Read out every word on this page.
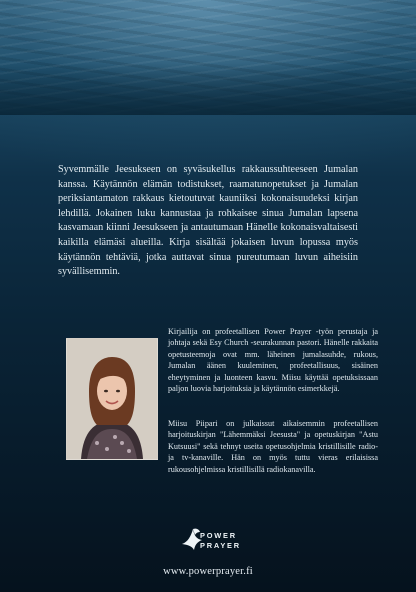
Syvemmälle Jeesukseen on syväsukellus rakkaussuhteeseen Jumalan kanssa. Käytännön elämän todistukset, raamatunopetukset ja Jumalan periksiantamaton rakkaus kietoutuvat kauniiksi kokonaisuudeksi kirjan lehdillä. Jokainen luku kannustaa ja rohkaisee sinua Jumalan lapsena kasvamaan kiinni Jeesukseen ja antautumaan Hänelle kokonaisvaltaisesti kaikilla elämäsi alueilla. Kirja sisältää jokaisen luvun lopussa myös käytännön tehtäviä, jotka auttavat sinua pureutumaan luvun aiheisiin syvällisemmin.

Kirjailija on profeetallisen Power Prayer -työn perustaja ja johtaja sekä Esy Church -seurakunnan pastori. Hänelle rakkaita opetusteemoja ovat mm. läheinen jumalasuhde, rukous, Jumalan äänen kuuleminen, profeetallisuus, sisäinen eheytyminen ja luonteen kasvu. Miisu käyttää opetuksissaan paljon luovia harjoituksia ja käytännön esimerkkejä.

Miisu Piipari on julkaissut aikaisemmin profeetallisen harjoituskirjan "Lähemmäksi Jeesusta" ja opetuskirjan "Astu Kutsuusi" sekä tehnyt useita opetusohjelmia kristillisille radio- ja tv-kanaville. Hän on myös tuttu vieras erilaisissa rukousohjelmissa kristillisillä radiokanavilla.

POWER
PRAYER
www.powerprayer.fi
